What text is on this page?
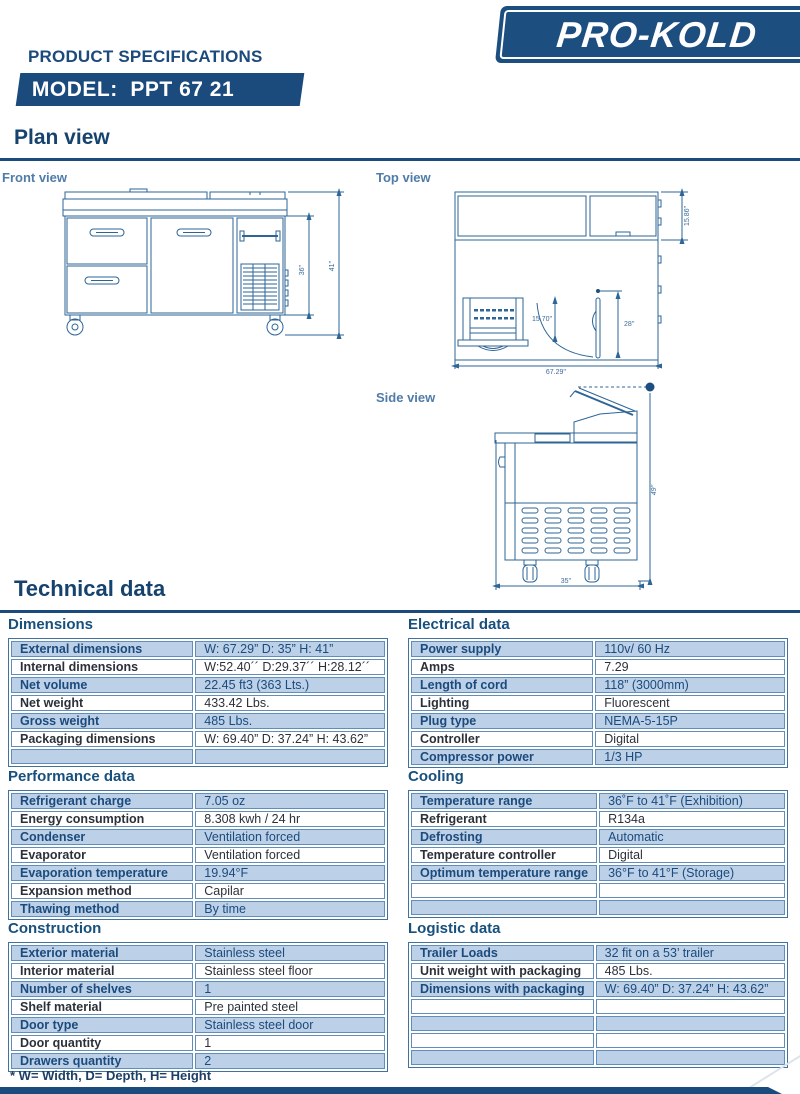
PRODUCT SPECIFICATIONS
MODEL:  PPT 67 21
PRO-KOLD
Plan view
Front view	Top view
Side view
36''	41''
15.70''
28''
15.86″
67.29''
49''
35''
Technical data
Dimensions
External dimensions	W: 67.29” D: 35” H: 41”
Internal dimensions	W:52.40´´ D:29.37´´ H:28.12´´
Net volume	22.45 ft3 (363 Lts.)
Net weight	433.42 Lbs.
Gross weight	485 Lbs.
Packaging dimensions	W: 69.40” D: 37.24” H: 43.62”

Electrical data
Power supply	110v/ 60 Hz
Amps	7.29
Length of cord	118” (3000mm)
Lighting	Fluorescent
Plug type	NEMA-5-15P
Controller	Digital
Compressor power	1/3 HP
Performance data
Refrigerant charge	7.05 oz
Energy consumption	8.308 kwh / 24 hr
Condenser	Ventilation forced
Evaporator	Ventilation forced
Evaporation temperature	19.94°F
Expansion method	Capilar
Thawing method	By time
Cooling
Temperature range	36˚F to 41˚F (Exhibition)
Refrigerant	R134a
Defrosting	Automatic
Temperature controller	Digital
Optimum temperature range	36°F to 41°F (Storage)

Construction
Exterior material	Stainless steel
Interior material	Stainless steel floor
Number of shelves	1
Shelf material	Pre painted steel
Door type	Stainless steel door
Door quantity	1
Drawers quantity	2
Logistic data
Trailer Loads	32 fit on a 53’ trailer
Unit weight with packaging	485 Lbs.
Dimensions with packaging	W: 69.40” D: 37.24” H: 43.62”

* W= Width, D= Depth, H= Height
